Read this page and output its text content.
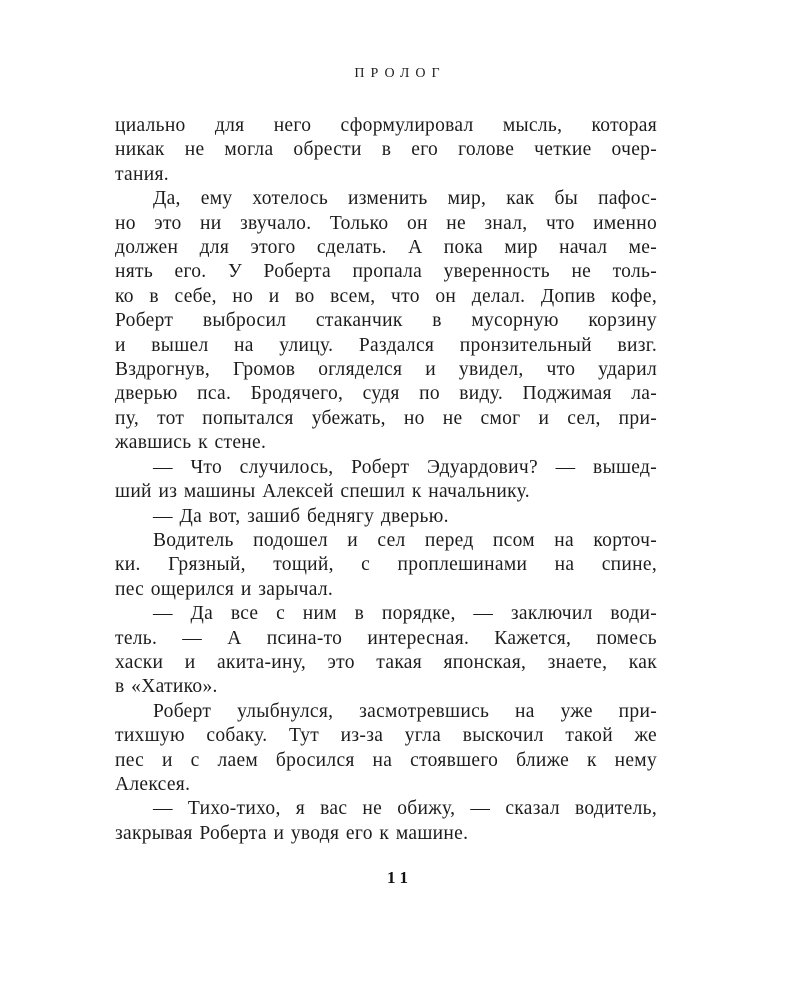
ПРОЛОГ
циально для него сформулировал мысль, которая
никак не могла обрести в его голове четкие очер-
тания.
Да, ему хотелось изменить мир, как бы пафос-
но это ни звучало. Только он не знал, что именно
должен для этого сделать. А пока мир начал ме-
нять его. У Роберта пропала уверенность не толь-
ко в себе, но и во всем, что он делал. Допив кофе,
Роберт выбросил стаканчик в мусорную корзину
и вышел на улицу. Раздался пронзительный визг.
Вздрогнув, Громов огляделся и увидел, что ударил
дверью пса. Бродячего, судя по виду. Поджимая ла-
пу, тот попытался убежать, но не смог и сел, при-
жавшись к стене.
— Что случилось, Роберт Эдуардович? — вышед-
ший из машины Алексей спешил к начальнику.
— Да вот, зашиб беднягу дверью.
Водитель подошел и сел перед псом на корточ-
ки. Грязный, тощий, с проплешинами на спине,
пес ощерился и зарычал.
— Да все с ним в порядке, — заключил води-
тель. — А псина-то интересная. Кажется, помесь
хаски и акита-ину, это такая японская, знаете, как
в «Хатико».
Роберт улыбнулся, засмотревшись на уже при-
тихшую собаку. Тут из-за угла выскочил такой же
пес и с лаем бросился на стоявшего ближе к нему
Алексея.
— Тихо-тихо, я вас не обижу, — сказал водитель,
закрывая Роберта и уводя его к машине.
11
